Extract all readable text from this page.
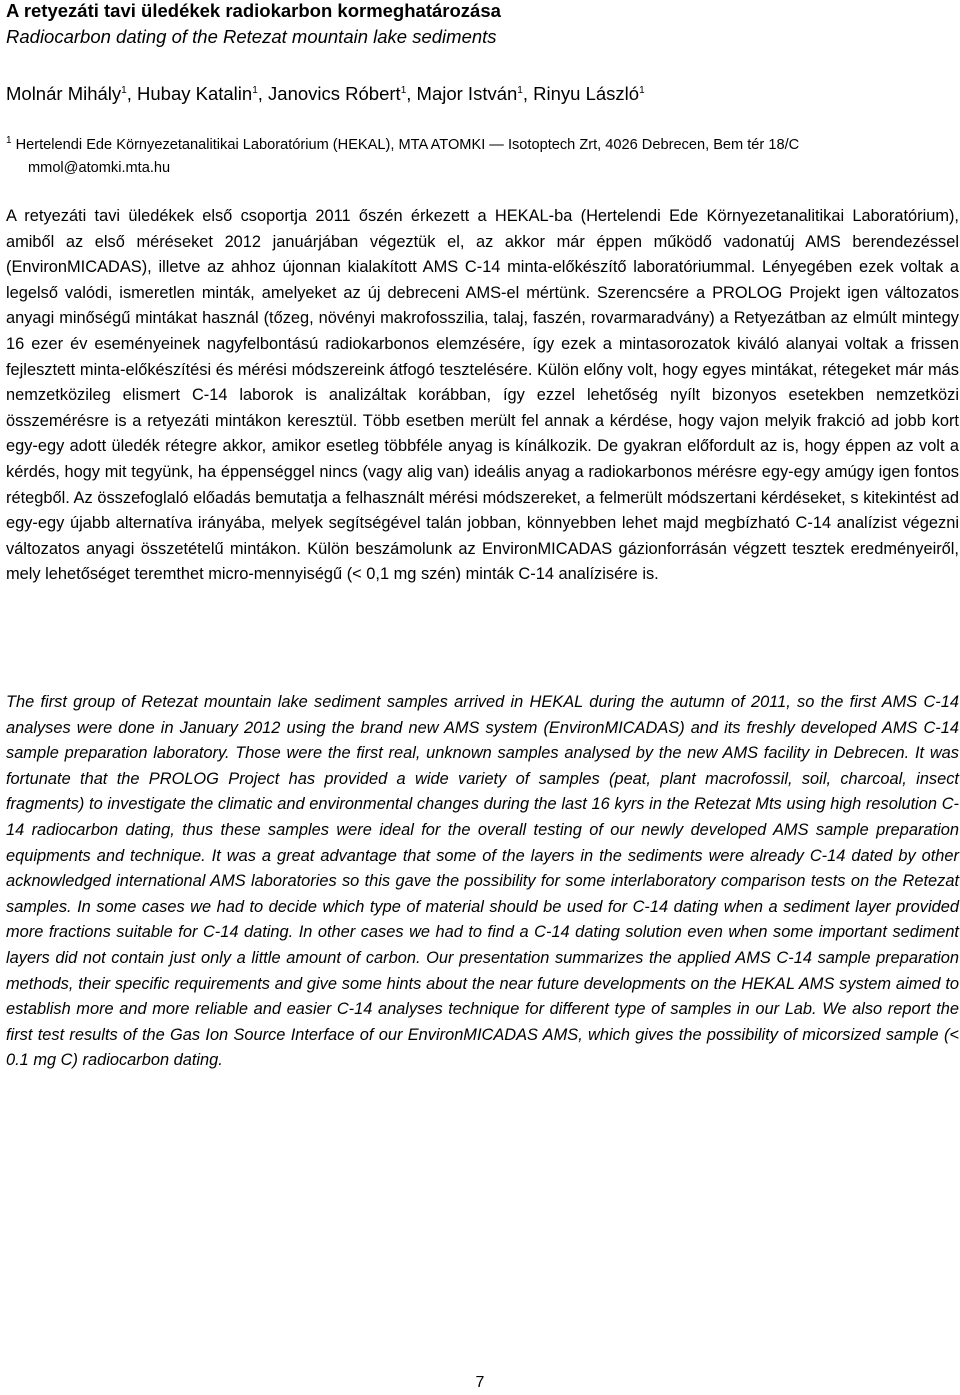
A retyezáti tavi üledékek radiokarbon kormeghatározása
Radiocarbon dating of the Retezat mountain lake sediments
Molnár Mihály$^1$, Hubay Katalin$^1$, Janovics Róbert$^1$, Major István$^1$, Rinyu László$^1$
$^1$ Hertelendi Ede Környezetanalitikai Laboratórium (HEKAL), MTA ATOMKI — Isotoptech Zrt, 4026 Debrecen, Bem tér 18/C
mmol@atomki.mta.hu

A retyezáti tavi üledékek első csoportja 2011 őszén érkezett a HEKAL-ba (Hertelendi Ede Környezetanalitikai Laboratórium), amiből az első méréseket 2012 januárjában végeztük el, az akkor már éppen működő vadonatúj AMS berendezéssel (EnvironMICADAS), illetve az ahhoz újonnan kialakított AMS C-14 minta-előkészítő laboratóriummal. Lényegében ezek voltak a legelső valódi, ismeretlen minták, amelyeket az új debreceni AMS-el mértünk. Szerencsére a PROLOG Projekt igen változatos anyagi minőségű mintákat használ (tőzeg, növényi makrofosszilia, talaj, faszén, rovarmaradvány) a Retyezátban az elmúlt mintegy 16 ezer év eseményeinek nagyfelbontású radiokarbonos elemzésére, így ezek a mintasorozatok kiváló alanyai voltak a frissen fejlesztett minta-előkészítési és mérési módszereink átfogó tesztelésére. Külön előny volt, hogy egyes mintákat, rétegeket már más nemzetközileg elismert C-14 laborok is analizáltak korábban, így ezzel lehetőség nyílt bizonyos esetekben nemzetközi összemérésre is a retyezáti mintákon keresztül. Több esetben merült fel annak a kérdése, hogy vajon melyik frakció ad jobb kort egy-egy adott üledék rétegre akkor, amikor esetleg többféle anyag is kínálkozik. De gyakran előfordult az is, hogy éppen az volt a kérdés, hogy mit tegyünk, ha éppenséggel nincs (vagy alig van) ideális anyag a radiokarbonos mérésre egy-egy amúgy igen fontos rétegből. Az összefoglaló előadás bemutatja a felhasznált mérési módszereket, a felmerült módszertani kérdéseket, s kitekintést ad egy-egy újabb alternatíva irányába, melyek segítségével talán jobban, könnyebben lehet majd megbízható C-14 analízist végezni változatos anyagi összetételű mintákon. Külön beszámolunk az EnvironMICADAS gázionforrásán végzett tesztek eredményeiről, mely lehetőséget teremthet micro-mennyiségű (< 0,1 mg szén) minták C-14 analízisére is.

The first group of Retezat mountain lake sediment samples arrived in HEKAL during the autumn of 2011, so the first AMS C-14 analyses were done in January 2012 using the brand new AMS system (EnvironMICADAS) and its freshly developed AMS C-14 sample preparation laboratory. Those were the first real, unknown samples analysed by the new AMS facility in Debrecen. It was fortunate that the PROLOG Project has provided a wide variety of samples (peat, plant macrofossil, soil, charcoal, insect fragments) to investigate the climatic and environmental changes during the last 16 kyrs in the Retezat Mts using high resolution C-14 radiocarbon dating, thus these samples were ideal for the overall testing of our newly developed AMS sample preparation equipments and technique. It was a great advantage that some of the layers in the sediments were already C-14 dated by other acknowledged international AMS laboratories so this gave the possibility for some interlaboratory comparison tests on the Retezat samples. In some cases we had to decide which type of material should be used for C-14 dating when a sediment layer provided more fractions suitable for C-14 dating. In other cases we had to find a C-14 dating solution even when some important sediment layers did not contain just only a little amount of carbon. Our presentation summarizes the applied AMS C-14 sample preparation methods, their specific requirements and give some hints about the near future developments on the HEKAL AMS system aimed to establish more and more reliable and easier C-14 analyses technique for different type of samples in our Lab. We also report the first test results of the Gas Ion Source Interface of our EnvironMICADAS AMS, which gives the possibility of micorsized sample (< 0.1 mg C) radiocarbon dating.

7
